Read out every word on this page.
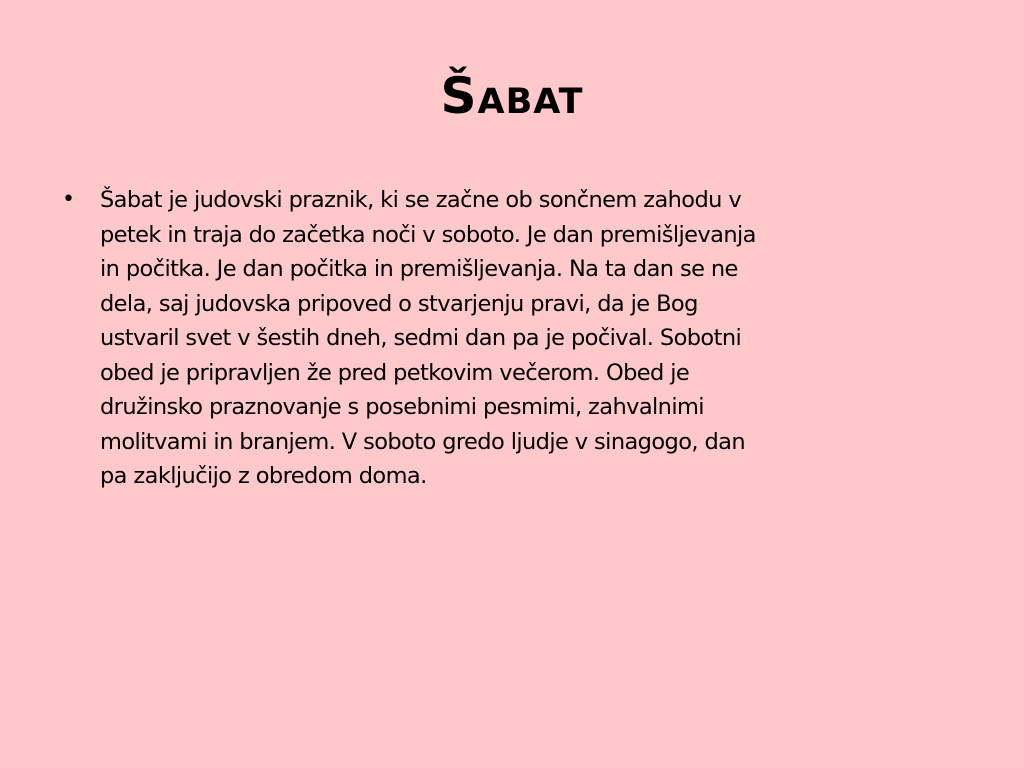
Šabat
• Šabat je judovski praznik, ki se začne ob sončnem zahodu v
petek in traja do začetka noči v soboto. Je dan premišljevanja
in počitka. Je dan počitka in premišljevanja. Na ta dan se ne
dela, saj judovska pripoved o stvarjenju pravi, da je Bog
ustvaril svet v šestih dneh, sedmi dan pa je počival. Sobotni
obed je pripravljen že pred petkovim večerom. Obed je
družinsko praznovanje s posebnimi pesmimi, zahvalnimi
molitvami in branjem. V soboto gredo ljudje v sinagogo, dan
pa zaključijo z obredom doma.
